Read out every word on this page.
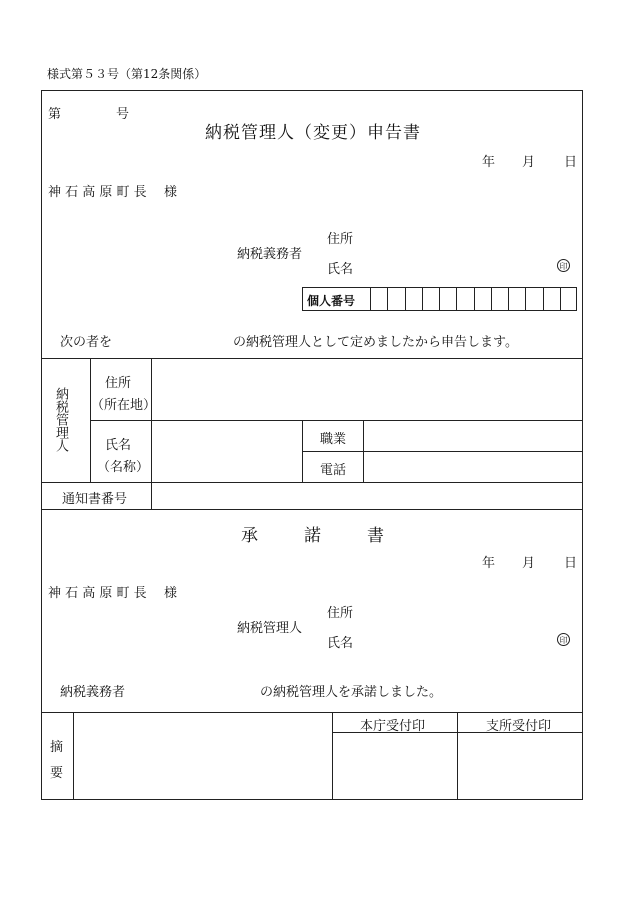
様式第５３号（第12条関係）
第	号
納税管理人（変更）申告書
年 月 日
神 石 高 原 町 長 様
住所
納税義務者
氏名	印
個人番号
次の者を	の納税管理人として定めましたから申告します。
納税管理人
住所
（所在地）
氏名
（名称）
職業
電話
通知書番号
承	諾	書
年 月 日
神 石 高 原 町 長 様
住所
納税管理人
氏名	印
納税義務者	の納税管理人を承諾しました。
摘
要
本庁受付印	支所受付印
